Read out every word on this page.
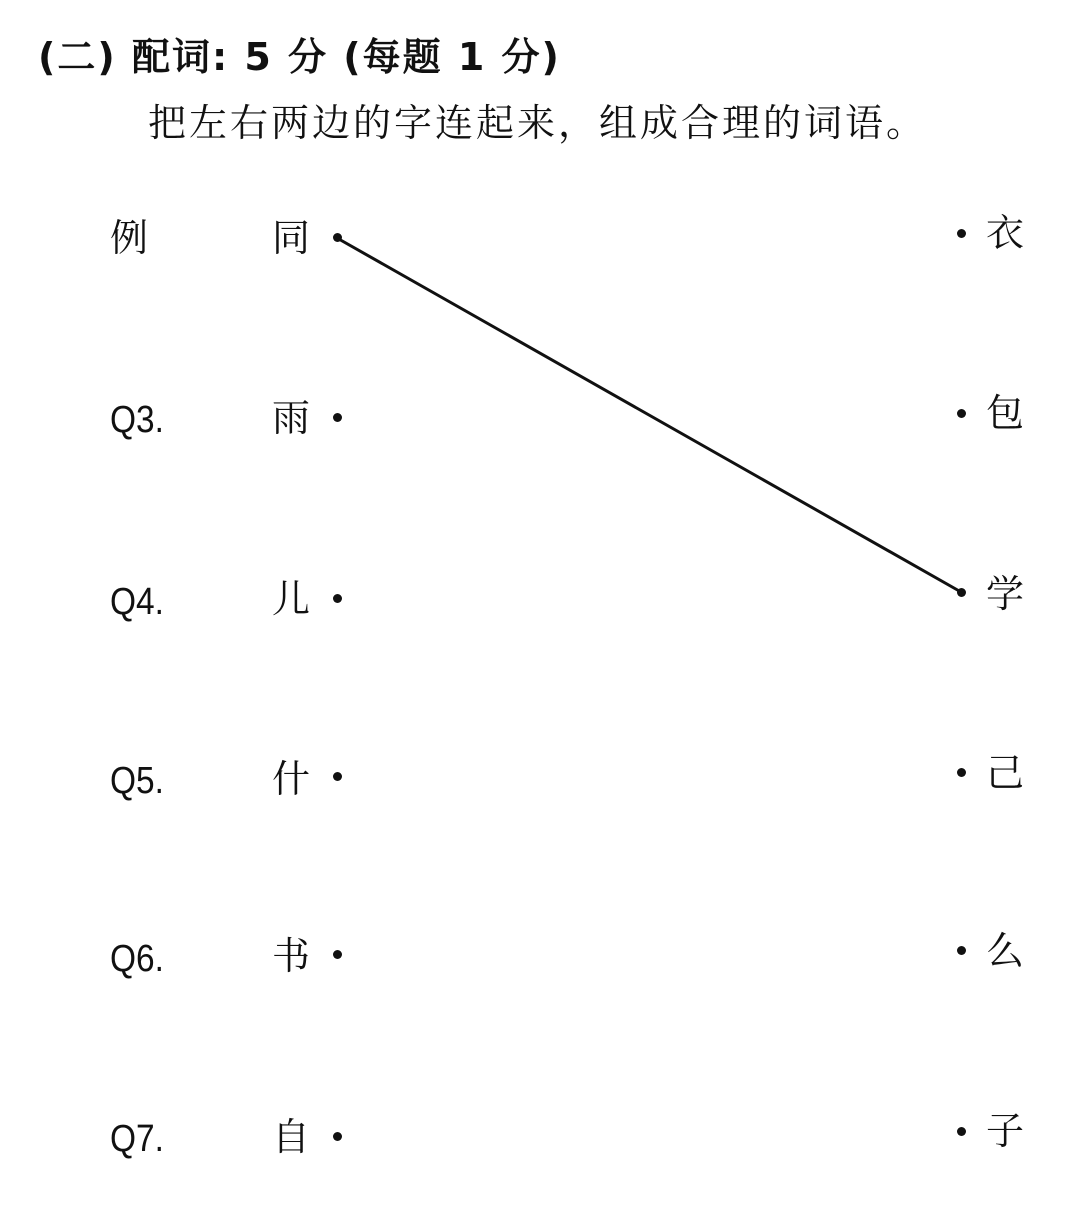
(二) 配词: 5 分 (每题 1 分)
把左右两边的字连起来，组成合理的词语。
例	同
Q3.	雨
Q4.	儿
Q5.	什
Q6.	书
Q7.	自
衣
包
学
己
么
子
